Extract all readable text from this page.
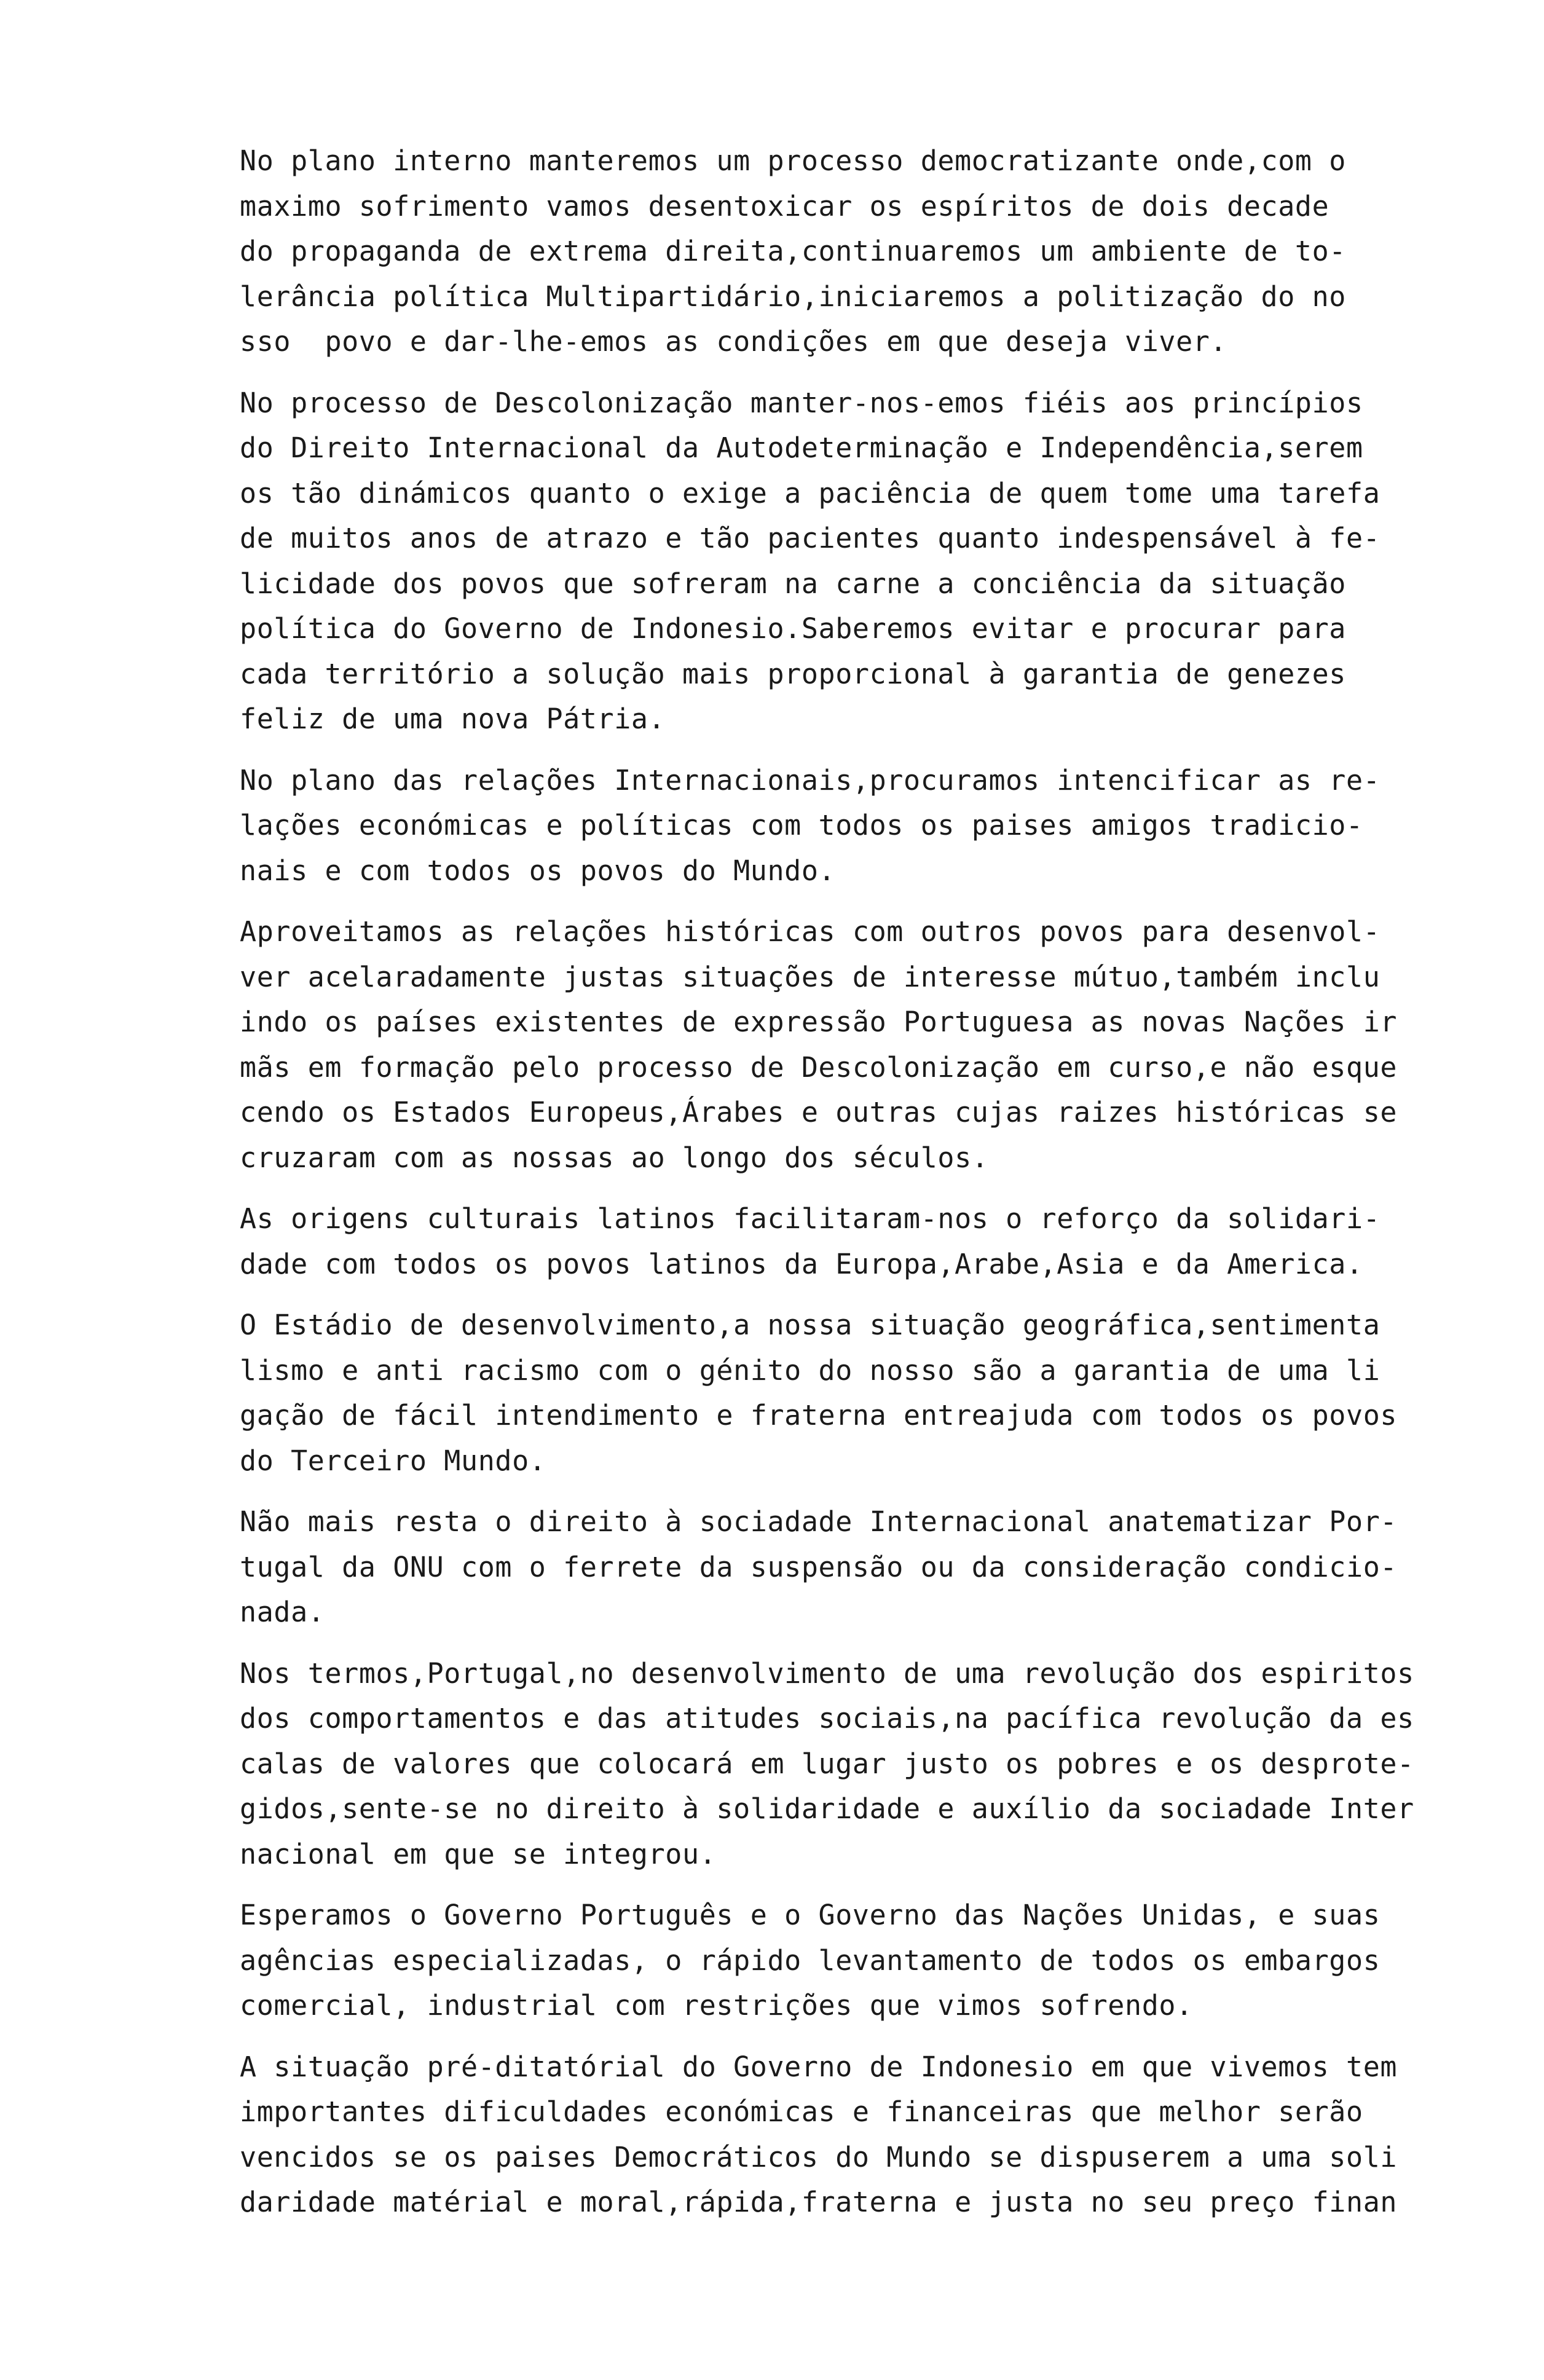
No plano interno manteremos um processo democratizante onde,com o
maximo sofrimento vamos desentoxicar os espíritos de dois decade
do propaganda de extrema direita,continuaremos um ambiente de to-
lerância política Multipartidário,iniciaremos a politização do no
sso  povo e dar-lhe-emos as condições em que deseja viver.

No processo de Descolonização manter-nos-emos fiéis aos princípios
do Direito Internacional da Autodeterminação e Independência,serem
os tão dinámicos quanto o exige a paciência de quem tome uma tarefa
de muitos anos de atrazo e tão pacientes quanto indespensável à fe-
licidade dos povos que sofreram na carne a conciência da situação
política do Governo de Indonesio.Saberemos evitar e procurar para
cada território a solução mais proporcional à garantia de genezes
feliz de uma nova Pátria.

No plano das relações Internacionais,procuramos intencificar as re-
lações económicas e políticas com todos os paises amigos tradicio-
nais e com todos os povos do Mundo.

Aproveitamos as relações históricas com outros povos para desenvol-
ver acelaradamente justas situações de interesse mútuo,também inclu
indo os países existentes de expressão Portuguesa as novas Nações ir
mãs em formação pelo processo de Descolonização em curso,e não esque
cendo os Estados Europeus,Árabes e outras cujas raizes históricas se
cruzaram com as nossas ao longo dos séculos.

As origens culturais latinos facilitaram-nos o reforço da solidari-
dade com todos os povos latinos da Europa,Arabe,Asia e da America.

O Estádio de desenvolvimento,a nossa situação geográfica,sentimenta
lismo e anti racismo com o génito do nosso são a garantia de uma li
gação de fácil intendimento e fraterna entreajuda com todos os povos
do Terceiro Mundo.

Não mais resta o direito à sociadade Internacional anatematizar Por-
tugal da ONU com o ferrete da suspensão ou da consideração condicio-
nada.

Nos termos,Portugal,no desenvolvimento de uma revolução dos espiritos
dos comportamentos e das atitudes sociais,na pacífica revolução da es
calas de valores que colocará em lugar justo os pobres e os desprote-
gidos,sente-se no direito à solidaridade e auxílio da sociadade Inter
nacional em que se integrou.

Esperamos o Governo Português e o Governo das Nações Unidas, e suas
agências especializadas, o rápido levantamento de todos os embargos
comercial, industrial com restrições que vimos sofrendo.

A situação pré-ditatórial do Governo de Indonesio em que vivemos tem
importantes dificuldades económicas e financeiras que melhor serão
vencidos se os paises Democráticos do Mundo se dispuserem a uma soli
daridade matérial e moral,rápida,fraterna e justa no seu preço finan
